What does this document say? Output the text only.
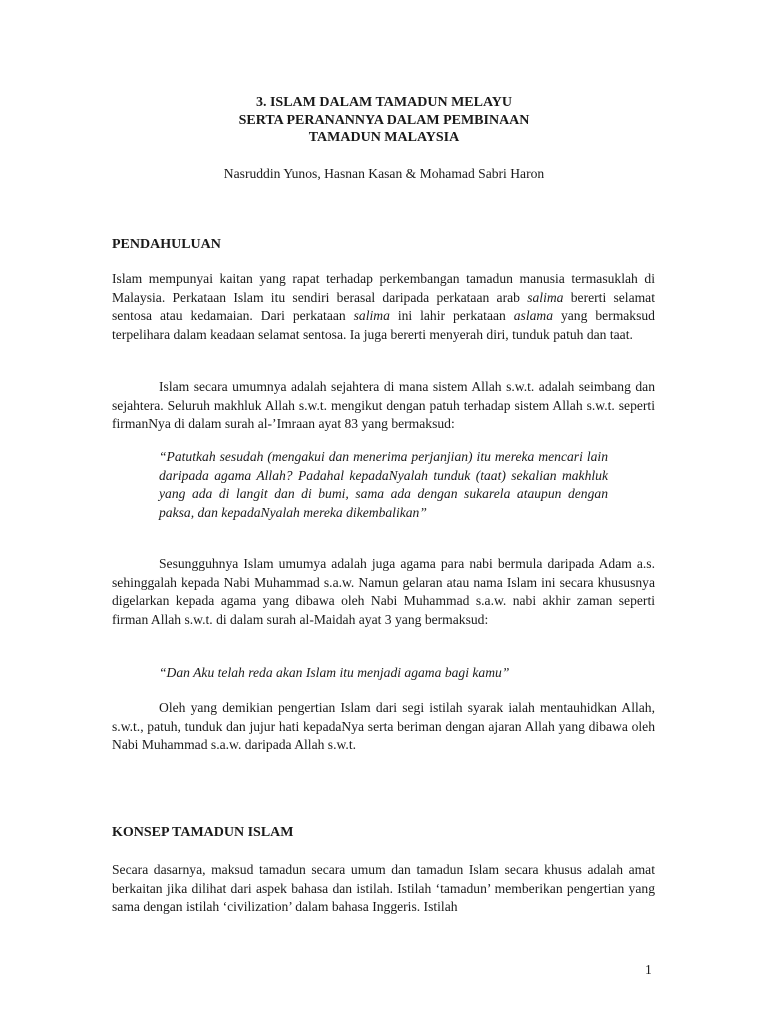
3. ISLAM DALAM TAMADUN MELAYU
SERTA PERANANNYA DALAM PEMBINAAN
TAMADUN MALAYSIA
Nasruddin Yunos, Hasnan Kasan & Mohamad Sabri Haron
PENDAHULUAN

Islam mempunyai kaitan yang rapat terhadap perkembangan tamadun manusia termasuklah di Malaysia. Perkataan Islam itu sendiri berasal daripada perkataan arab salima bererti selamat sentosa atau kedamaian. Dari perkataan salima ini lahir perkataan aslama yang bermaksud terpelihara dalam keadaan selamat sentosa. Ia juga bererti menyerah diri, tunduk patuh dan taat.

Islam secara umumnya adalah sejahtera di mana sistem Allah s.w.t. adalah seimbang dan sejahtera. Seluruh makhluk Allah s.w.t. mengikut dengan patuh terhadap sistem Allah s.w.t. seperti firmanNya di dalam surah al-’Imraan ayat 83 yang bermaksud:

“Patutkah sesudah (mengakui dan menerima perjanjian) itu mereka mencari lain daripada agama Allah? Padahal kepadaNyalah tunduk (taat) sekalian makhluk yang ada di langit dan di bumi, sama ada dengan sukarela ataupun dengan paksa, dan kepadaNyalah mereka dikembalikan”

Sesungguhnya Islam umumya adalah juga agama para nabi bermula daripada Adam a.s. sehinggalah kepada Nabi Muhammad s.a.w. Namun gelaran atau nama Islam ini secara khususnya digelarkan kepada agama yang dibawa oleh Nabi Muhammad s.a.w. nabi akhir zaman seperti firman Allah s.w.t. di dalam surah al-Maidah ayat 3 yang bermaksud:

“Dan Aku telah reda akan Islam itu menjadi agama bagi kamu”

Oleh yang demikian pengertian Islam dari segi istilah syarak ialah mentauhidkan Allah, s.w.t., patuh, tunduk dan jujur hati kepadaNya serta beriman dengan ajaran Allah yang dibawa oleh Nabi Muhammad s.a.w. daripada Allah s.w.t.

KONSEP TAMADUN ISLAM

Secara dasarnya, maksud tamadun secara umum dan tamadun Islam secara khusus adalah amat berkaitan jika dilihat dari aspek bahasa dan istilah. Istilah ‘tamadun’ memberikan pengertian yang sama dengan istilah ‘civilization’ dalam bahasa Inggeris. Istilah

1
